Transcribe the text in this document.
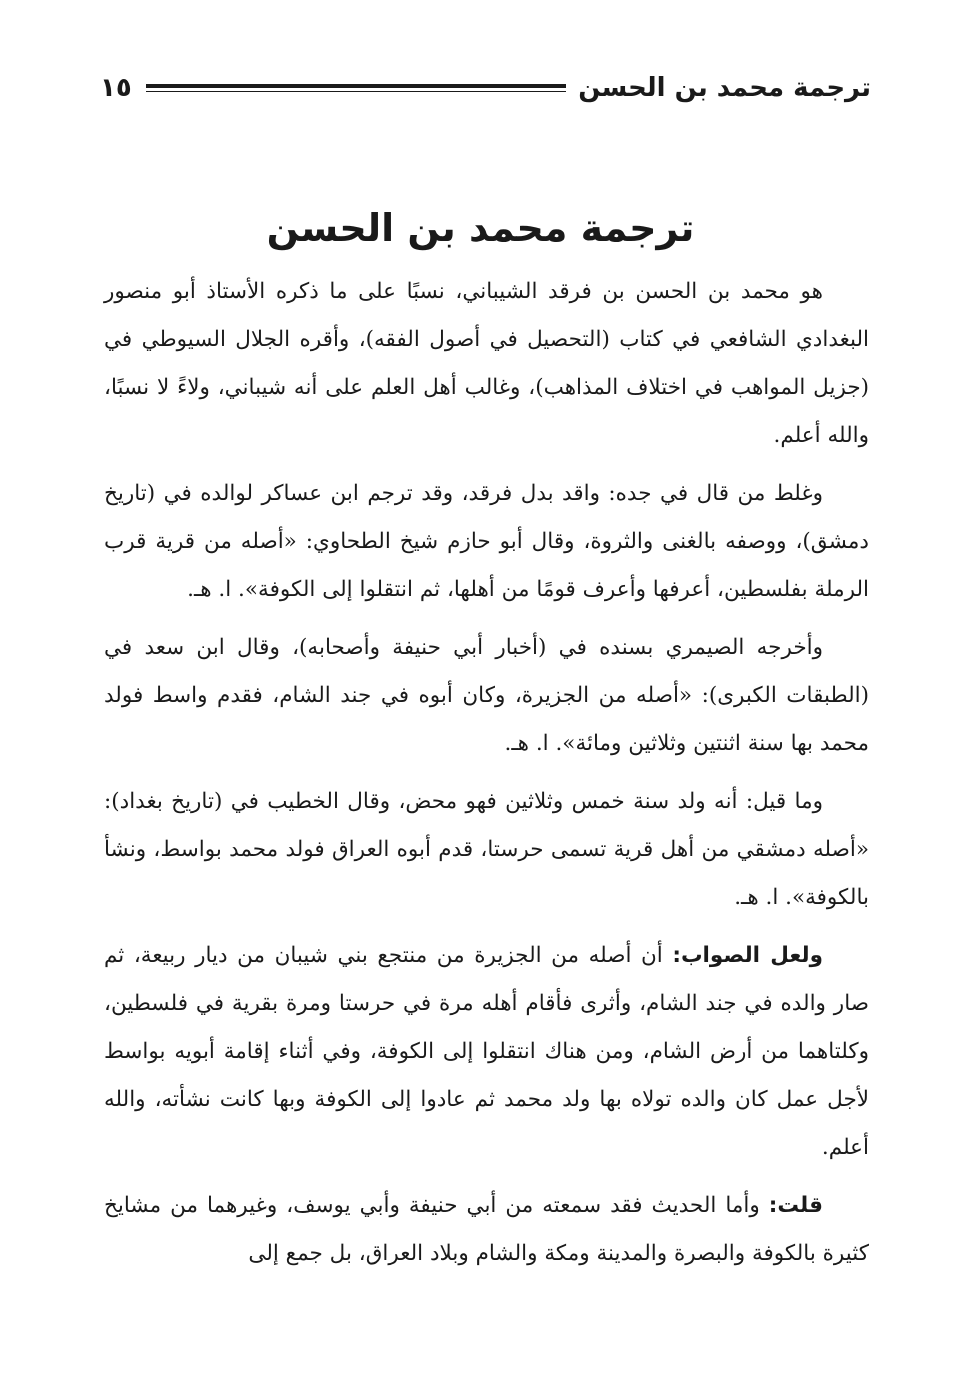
ترجمة محمد بن الحسن
١٥
ترجمة محمد بن الحسن

هو محمد بن الحسن بن فرقد الشيباني، نسبًا على ما ذكره الأستاذ أبو منصور البغدادي الشافعي في كتاب (التحصيل في أصول الفقه)، وأقره الجلال السيوطي في (جزيل المواهب في اختلاف المذاهب)، وغالب أهل العلم على أنه شيباني، ولاءً لا نسبًا، والله أعلم.

وغلط من قال في جده: واقد بدل فرقد، وقد ترجم ابن عساكر لوالده في (تاريخ دمشق)، ووصفه بالغنى والثروة، وقال أبو حازم شيخ الطحاوي: «أصله من قرية قرب الرملة بفلسطين، أعرفها وأعرف قومًا من أهلها، ثم انتقلوا إلى الكوفة». ا. هـ.

وأخرجه الصيمري بسنده في (أخبار أبي حنيفة وأصحابه)، وقال ابن سعد في (الطبقات الكبرى): «أصله من الجزيرة، وكان أبوه في جند الشام، فقدم واسط فولد محمد بها سنة اثنتين وثلاثين ومائة». ا. هـ.

وما قيل: أنه ولد سنة خمس وثلاثين فهو محض، وقال الخطيب في (تاريخ بغداد): «أصله دمشقي من أهل قرية تسمى حرستا، قدم أبوه العراق فولد محمد بواسط، ونشأ بالكوفة». ا. هـ.

ولعل الصواب: أن أصله من الجزيرة من منتجع بني شيبان من ديار ربيعة، ثم صار والده في جند الشام، وأثرى فأقام أهله مرة في حرستا ومرة بقرية في فلسطين، وكلتاهما من أرض الشام، ومن هناك انتقلوا إلى الكوفة، وفي أثناء إقامة أبويه بواسط لأجل عمل كان والده تولاه بها ولد محمد ثم عادوا إلى الكوفة وبها كانت نشأته، والله أعلم.

قلت: وأما الحديث فقد سمعته من أبي حنيفة وأبي يوسف، وغيرهما من مشايخ كثيرة بالكوفة والبصرة والمدينة ومكة والشام وبلاد العراق، بل جمع إلى
